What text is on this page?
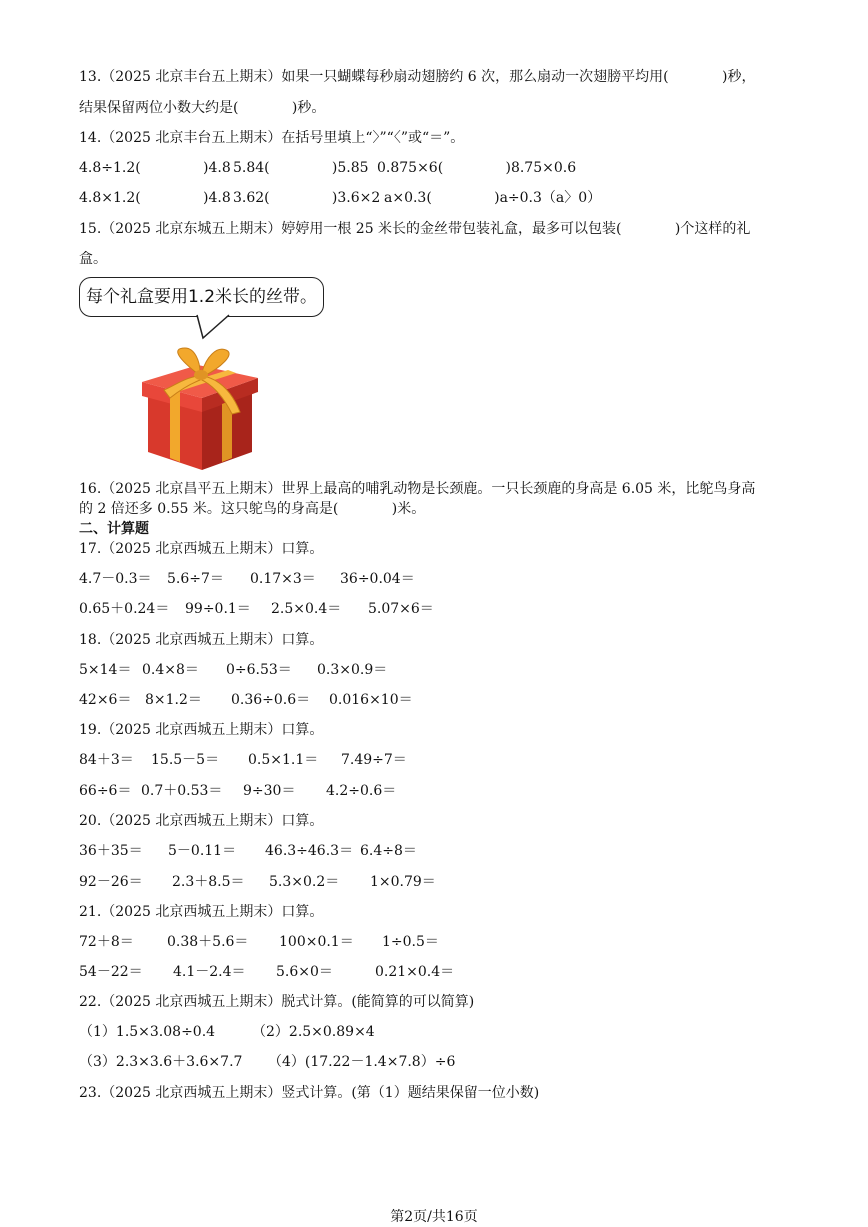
13.（2025 北京丰台五上期末）如果一只蝴蝶每秒扇动翅膀约 6 次，那么扇动一次翅膀平均用(            )秒，
结果保留两位小数大约是(            )秒。
14.（2025 北京丰台五上期末）在括号里填上“〉”“〈”或“＝”。
4.8÷1.2(              )4.8 5.84(              )5.85 0.875×6(              )8.75×0.6
4.8×1.2(              )4.8 3.62(              )3.6×2 a×0.3(              )a÷0.3（a〉0）
15.（2025 北京东城五上期末）婷婷用一根 25 米长的金丝带包装礼盒，最多可以包装(            )个这样的礼
盒。
每个礼盒要用1.2米长的丝带。
16.（2025 北京昌平五上期末）世界上最高的哺乳动物是长颈鹿。一只长颈鹿的身高是 6.05 米，比鸵鸟身高
的 2 倍还多 0.55 米。这只鸵鸟的身高是(            )米。
二、计算题
17.（2025 北京西城五上期末）口算。
4.7－0.3＝ 5.6÷7＝ 0.17×3＝ 36÷0.04＝
0.65＋0.24＝ 99÷0.1＝ 2.5×0.4＝ 5.07×6＝
18.（2025 北京西城五上期末）口算。
5×14＝ 0.4×8＝ 0÷6.53＝ 0.3×0.9＝
42×6＝ 8×1.2＝ 0.36÷0.6＝ 0.016×10＝
19.（2025 北京西城五上期末）口算。
84＋3＝ 15.5－5＝ 0.5×1.1＝ 7.49÷7＝
66÷6＝ 0.7＋0.53＝ 9÷30＝ 4.2÷0.6＝
20.（2025 北京西城五上期末）口算。
36＋35＝ 5－0.11＝ 46.3÷46.3＝ 6.4÷8＝
92－26＝ 2.3＋8.5＝ 5.3×0.2＝ 1×0.79＝
21.（2025 北京西城五上期末）口算。
72＋8＝ 0.38＋5.6＝ 100×0.1＝ 1÷0.5＝
54－22＝ 4.1－2.4＝ 5.6×0＝	0.21×0.4＝
22.（2025 北京西城五上期末）脱式计算。(能简算的可以简算)
（1）1.5×3.08÷0.4	（2）2.5×0.89×4
（3）2.3×3.6＋3.6×7.7 （4）(17.22－1.4×7.8）÷6
23.（2025 北京西城五上期末）竖式计算。(第（1）题结果保留一位小数)
第2页/共16页
